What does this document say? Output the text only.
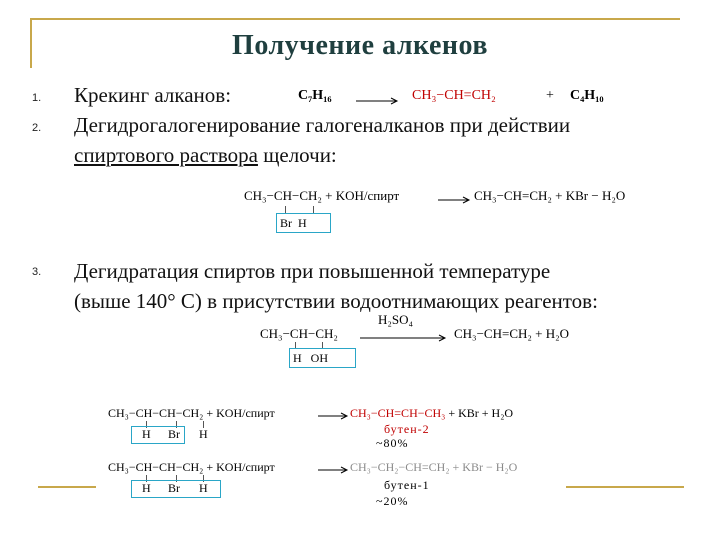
Получение алкенов
1.
2.
3.
Крекинг алканов:	C₇H₁₆	CH₃−CH=CH₂	+ C₄H₁₀
Дегидрогалогенирование галогеналканов при действии
спиртового раствора щелочи:
CH₃−CH−CH₂ + KOH/спирт	CH₃−CH=CH₂ + KBr − H₂O
Br  H
Дегидратация спиртов при повышенной температуре
(выше 140° С) в присутствии водоотнимающих реагентов:
CH₃−CH−CH₂
H₂SO₄
CH₃−CH=CH₂ + H₂O
H   OH
CH₃−CH−CH−CH₂ + KOH/спирт	CH₃−CH=CH−CH₃ + KBr + H₂O
H Br H	бутен-2
~80%
CH₃−CH−CH−CH₂ + KOH/спирт	CH₃−CH₂−CH=CH₂ + KBr − H₂O
H Br H	бутен-1
~20%
